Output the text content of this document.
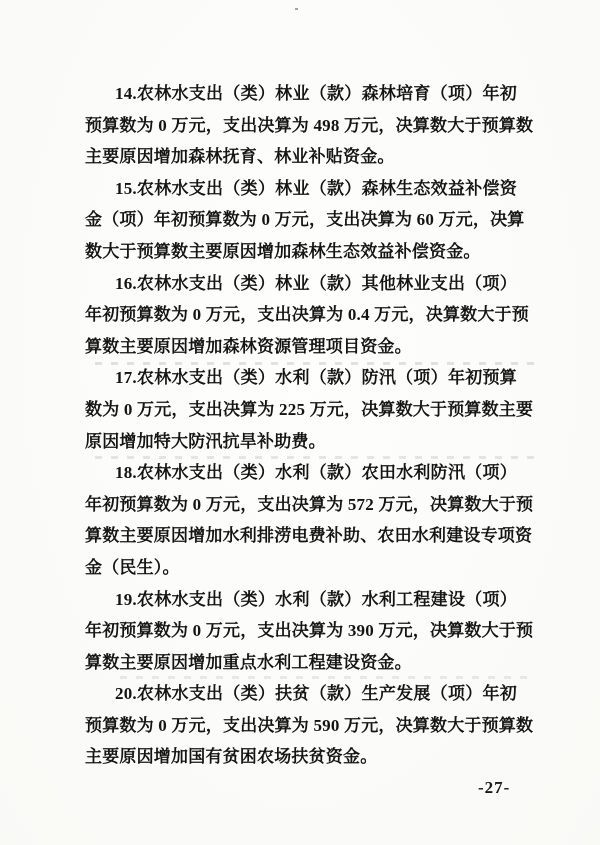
14.农林水支出（类）林业（款）森林培育（项）年初
预算数为 0 万元，支出决算为 498 万元，决算数大于预算数
主要原因增加森林抚育、林业补贴资金。
15.农林水支出（类）林业（款）森林生态效益补偿资
金（项）年初预算数为 0 万元，支出决算为 60 万元，决算
数大于预算数主要原因增加森林生态效益补偿资金。
16.农林水支出（类）林业（款）其他林业支出（项）
年初预算数为 0 万元，支出决算为 0.4 万元，决算数大于预
算数主要原因增加森林资源管理项目资金。
17.农林水支出（类）水利（款）防汛（项）年初预算
数为 0 万元，支出决算为 225 万元，决算数大于预算数主要
原因增加特大防汛抗旱补助费。
18.农林水支出（类）水利（款）农田水利防汛（项）
年初预算数为 0 万元，支出决算为 572 万元，决算数大于预
算数主要原因增加水利排涝电费补助、农田水利建设专项资
金（民生）。
19.农林水支出（类）水利（款）水利工程建设（项）
年初预算数为 0 万元，支出决算为 390 万元，决算数大于预
算数主要原因增加重点水利工程建设资金。
20.农林水支出（类）扶贫（款）生产发展（项）年初
预算数为 0 万元，支出决算为 590 万元，决算数大于预算数
主要原因增加国有贫困农场扶贫资金。
-27-
